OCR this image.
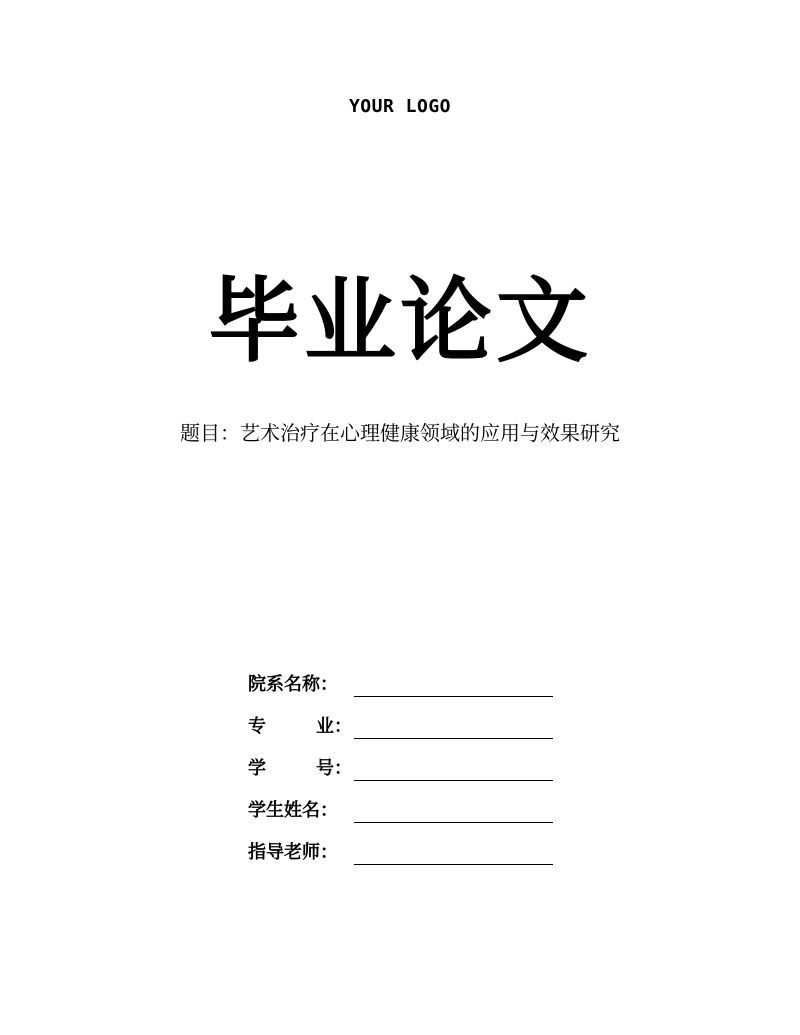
YOUR LOGO
毕业论文
题目：艺术治疗在心理健康领域的应用与效果研究
院系名称：
专	业 ：
学	号 ：
学生姓名：
指导老师：
